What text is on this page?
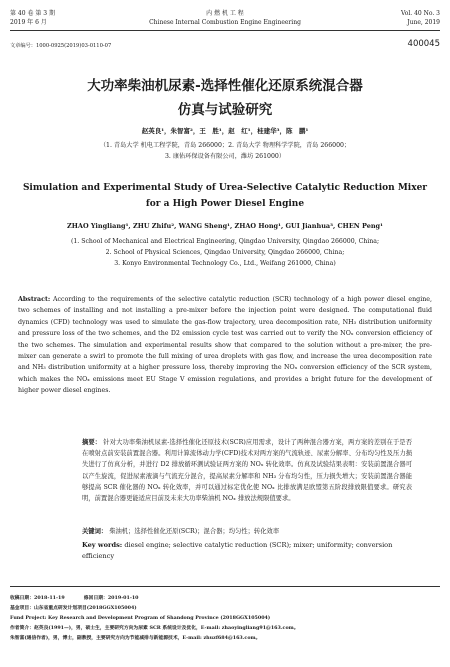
第 40 卷 第 3 期
2019 年 6 月
内 燃 机 工 程
Chinese Internal Combustion Engine Engineering
Vol. 40 No. 3
June, 2019
文章编号：1000-0925(2019)03-0110-07	400045
大功率柴油机尿素-选择性催化还原系统混合器
仿真与试验研究
赵英良¹，朱智富²，王　胜¹，赵　红¹，桂建华³，陈　鹏¹
（1. 青岛大学 机电工程学院，青岛 266000；2. 青岛大学 物理科学学院，青岛 266000；
3. 康佑环保设备有限公司，潍坊 261000）
Simulation and Experimental Study of Urea-Selective Catalytic Reduction Mixer
for a High Power Diesel Engine
ZHAO Yingliang¹, ZHU Zhifu², WANG Sheng¹, ZHAO Hong¹, GUI Jianhua³, CHEN Peng¹
(1. School of Mechanical and Electrical Engineering, Qingdao University, Qingdao 266000, China;
2. School of Physical Sciences, Qingdao University, Qingdao 266000, China;
3. Konyo Environmental Technology Co., Ltd., Weifang 261000, China)
Abstract: According to the requirements of the selective catalytic reduction (SCR) technology of a high power diesel engine, two schemes of installing and not installing a pre-mixer before the injection point were designed. The computational fluid dynamics (CFD) technology was used to simulate the gas-flow trajectory, urea decomposition rate, NH₃ distribution uniformity and pressure loss of the two schemes, and the D2 emission cycle test was carried out to verify the NOₓ conversion efficiency of the two schemes. The simulation and experimental results show that compared to the solution without a pre-mixer, the pre-mixer can generate a swirl to promote the full mixing of urea droplets with gas flow, and increase the urea decomposition rate and NH₃ distribution uniformity at a higher pressure loss, thereby improving the NOₓ conversion efficiency of the SCR system, which makes the NOₓ emissions meet EU Stage V emission regulations, and provides a bright future for the development of higher power diesel engines.
摘要： 针对大功率柴油机尿素-选择性催化还原技术(SCR)应用需求，设计了两种混合器方案，两方案的差别在于是否在喷射点前安装前置混合器。利用计算流体动力学(CFD)技术对两方案的气流轨迹、尿素分解率、分布均匀性及压力损失进行了仿真分析，并进行 D2 排放循环测试验证两方案的 NOₓ 转化效率。仿真及试验结果表明：安装前置混合器可以产生旋流，促进尿素液滴与气流充分混合，提高尿素分解率和 NH₃ 分布均匀性，压力损失增大；安装前置混合器能够提高 SCR 催化器的 NOₓ 转化效率，并可以通过标定优化使 NOₓ 比排放满足欧盟第五阶段排放限值要求。研究表明，前置混合器更能适应目前及未来大功率柴油机 NOₓ 排放法规限值要求。
关键词： 柴油机；选择性催化还原(SCR)；混合器；均匀性；转化效率
Key words: diesel engine; selective catalytic reduction (SCR); mixer; uniformity; conversion efficiency

收稿日期：2018-11-19　　　　修回日期：2019-01-10

基金项目：山东省重点研发计划项目(2018GGX105004)

Fund Project: Key Research and Development Program of Shandong Province (2018GGX105004)

作者简介：赵英良(1991—)，男，硕士生，主要研究方向为尿素 SCR 系统设计及优化，E-mail: zhaoyingliang91@163.com。

朱智富(通信作者)，男，博士，副教授，主要研究方向为节能减排与新能源技术，E-mail: zhuzf684@163.com。
